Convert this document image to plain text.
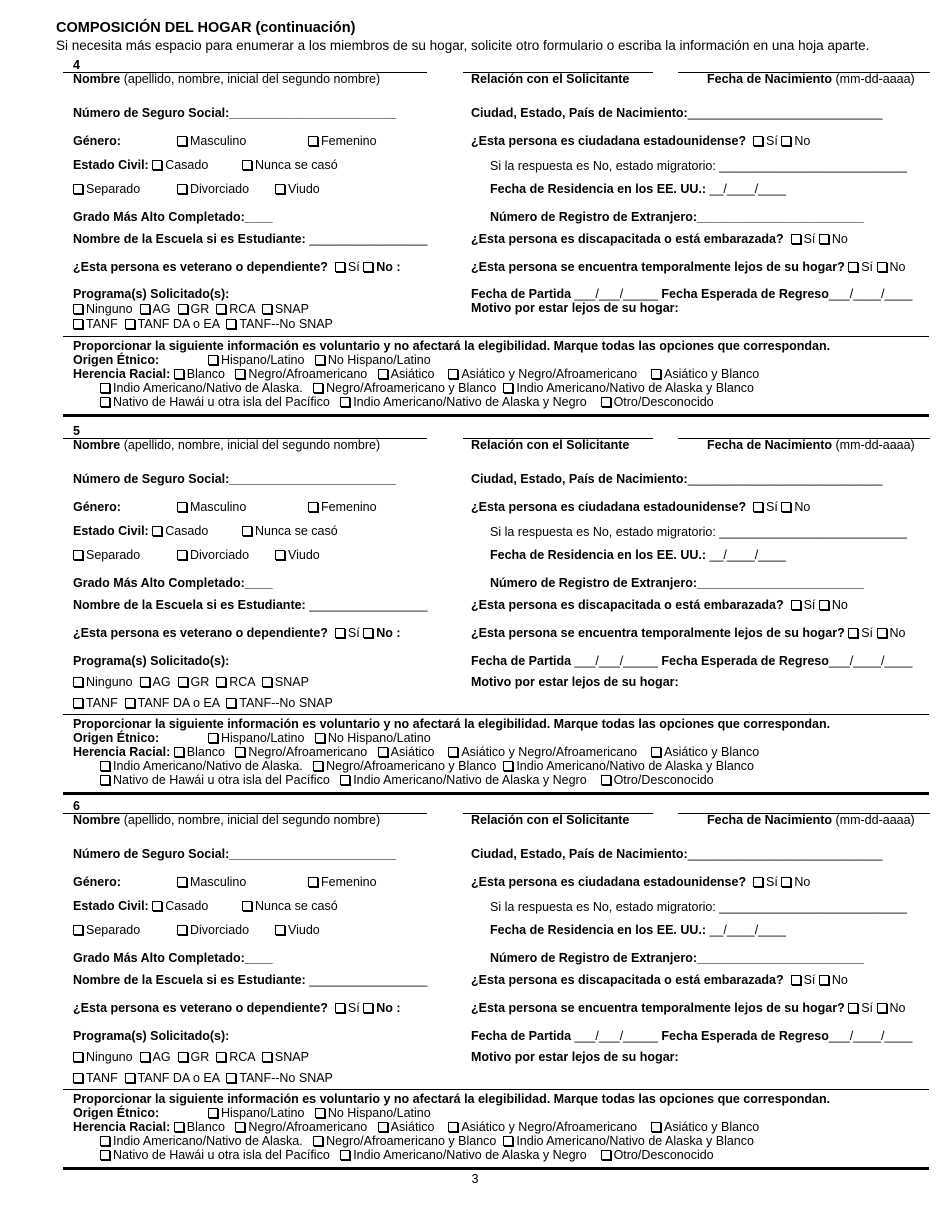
COMPOSICIÓN DEL HOGAR (continuación)
Si necesita más espacio para enumerar a los miembros de su hogar, solicite otro formulario o escriba la información en una hoja aparte.
4
Nombre (apellido, nombre, inicial del segundo nombre)	Relación con el Solicitante	Fecha de Nacimiento (mm-dd-aaaa)
Número de Seguro Social:________________________	Ciudad, Estado, País de Nacimiento:____________________________
Género:	Masculino	Femenino	¿Esta persona es ciudadana estadounidense? Sí No
Estado Civil: Casado	Nunca se casó	Si la respuesta es No, estado migratorio: ___________________________
Separado	Divorciado	Viudo	Fecha de Residencia en los EE. UU.: __/____/____
Grado Más Alto Completado:____	Número de Registro de Extranjero:________________________
Nombre de la Escuela si es Estudiante: _________________	¿Esta persona es discapacitada o está embarazada? Sí No
¿Esta persona es veterano o dependiente? Sí No :	¿Esta persona se encuentra temporalmente lejos de su hogar? Sí No
Programa(s) Solicitado(s):	Fecha de Partida ___/___/_____ Fecha Esperada de Regreso___/____/____
Ninguno AG GR RCA SNAP	Motivo por estar lejos de su hogar:
TANF TANF DA o EA TANF--No SNAP
Proporcionar la siguiente información es voluntario y no afectará la elegibilidad. Marque todas las opciones que correspondan.
Origen Étnico:	Hispano/Latino No Hispano/Latino
Herencia Racial: Blanco Negro/Afroamericano Asiático Asiático y Negro/Afroamericano Asiático y Blanco
Indio Americano/Nativo de Alaska. Negro/Afroamericano y Blanco Indio Americano/Nativo de Alaska y Blanco
Nativo de Hawái u otra isla del Pacífico Indio Americano/Nativo de Alaska y Negro Otro/Desconocido
5
Nombre (apellido, nombre, inicial del segundo nombre)	Relación con el Solicitante	Fecha de Nacimiento (mm-dd-aaaa)
Número de Seguro Social:________________________	Ciudad, Estado, País de Nacimiento:____________________________
Género:	Masculino	Femenino	¿Esta persona es ciudadana estadounidense? Sí No
Estado Civil: Casado	Nunca se casó	Si la respuesta es No, estado migratorio: ___________________________
Separado	Divorciado	Viudo	Fecha de Residencia en los EE. UU.: __/____/____
Grado Más Alto Completado:____	Número de Registro de Extranjero:________________________
Nombre de la Escuela si es Estudiante: _________________	¿Esta persona es discapacitada o está embarazada? Sí No
¿Esta persona es veterano o dependiente? Sí No :	¿Esta persona se encuentra temporalmente lejos de su hogar? Sí No
Programa(s) Solicitado(s):	Fecha de Partida ___/___/_____ Fecha Esperada de Regreso___/____/____
Ninguno AG GR RCA SNAP	Motivo por estar lejos de su hogar:
TANF TANF DA o EA TANF--No SNAP
Proporcionar la siguiente información es voluntario y no afectará la elegibilidad. Marque todas las opciones que correspondan.
Origen Étnico:	Hispano/Latino No Hispano/Latino
Herencia Racial: Blanco Negro/Afroamericano Asiático Asiático y Negro/Afroamericano Asiático y Blanco
Indio Americano/Nativo de Alaska. Negro/Afroamericano y Blanco Indio Americano/Nativo de Alaska y Blanco
Nativo de Hawái u otra isla del Pacífico Indio Americano/Nativo de Alaska y Negro Otro/Desconocido
6
Nombre (apellido, nombre, inicial del segundo nombre)	Relación con el Solicitante	Fecha de Nacimiento (mm-dd-aaaa)
Número de Seguro Social:________________________	Ciudad, Estado, País de Nacimiento:____________________________
Género:	Masculino	Femenino	¿Esta persona es ciudadana estadounidense? Sí No
Estado Civil: Casado	Nunca se casó	Si la respuesta es No, estado migratorio: ___________________________
Separado	Divorciado	Viudo	Fecha de Residencia en los EE. UU.: __/____/____
Grado Más Alto Completado:____	Número de Registro de Extranjero:________________________
Nombre de la Escuela si es Estudiante: _________________	¿Esta persona es discapacitada o está embarazada? Sí No
¿Esta persona es veterano o dependiente? Sí No :	¿Esta persona se encuentra temporalmente lejos de su hogar? Sí No
Programa(s) Solicitado(s):	Fecha de Partida ___/___/_____ Fecha Esperada de Regreso___/____/____
Ninguno AG GR RCA SNAP	Motivo por estar lejos de su hogar:
TANF TANF DA o EA TANF--No SNAP
Proporcionar la siguiente información es voluntario y no afectará la elegibilidad. Marque todas las opciones que correspondan.
Origen Étnico:	Hispano/Latino No Hispano/Latino
Herencia Racial: Blanco Negro/Afroamericano Asiático Asiático y Negro/Afroamericano Asiático y Blanco
Indio Americano/Nativo de Alaska. Negro/Afroamericano y Blanco Indio Americano/Nativo de Alaska y Blanco
Nativo de Hawái u otra isla del Pacífico Indio Americano/Nativo de Alaska y Negro Otro/Desconocido
3
